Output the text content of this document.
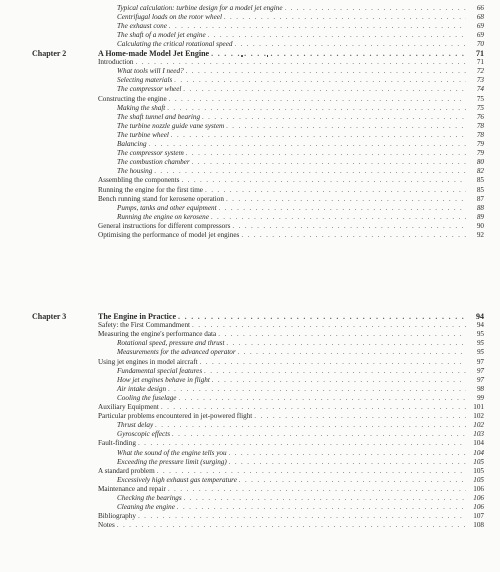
Typical calculation: turbine design for a model jet engine . . .	66
Centrifugal loads on the rotor wheel . . .	68
The exhaust cone . . .	69
The shaft of a model jet engine . . .	69
Calculating the critical rotational speed . . .	70
Chapter 2	A Home-made Model Jet Engine . . .	71
Introduction . . .	71
What tools will I need? . . .	72
Selecting materials . . .	73
The compressor wheel . . .	74
Constructing the engine . . .	75
Making the shaft . . .	75
The shaft tunnel and bearing . . .	76
The turbine nozzle guide vane system . . .	78
The turbine wheel . . .	78
Balancing . . .	79
The compressor system . . .	79
The combustion chamber . . .	80
The housing . . .	82
Assembling the components . . .	85
Running the engine for the first time . . .	85
Bench running stand for kerosene operation . . .	87
Pumps, tanks and other equipment . . .	88
Running the engine on kerosene . . .	89
General instructions for different compressors . . .	90
Optimising the performance of model jet engines . . .	92
Chapter 3	The Engine in Practice . . .	94
Safety: the First Commandment . . .	94
Measuring the engine's performance data . . .	95
Rotational speed, pressure and thrust . . .	95
Measurements for the advanced operator . . .	95
Using jet engines in model aircraft . . .	97
Fundamental special features . . .	97
How jet engines behave in flight . . .	97
Air intake design . . .	98
Cooling the fuselage . . .	99
Auxiliary Equipment . . .	101
Particular problems encountered in jet-powered flight . . .	102
Thrust delay . . .	102
Gyroscopic effects . . .	103
Fault-finding . . .	104
What the sound of the engine tells you . . .	104
Exceeding the pressure limit (surging) . . .	105
A standard problem . . .	105
Excessively high exhaust gas temperature . . .	105
Maintenance and repair . . .	106
Checking the bearings . . .	106
Cleaning the engine . . .	106
Bibliography . . .	107
Notes . . .	108
